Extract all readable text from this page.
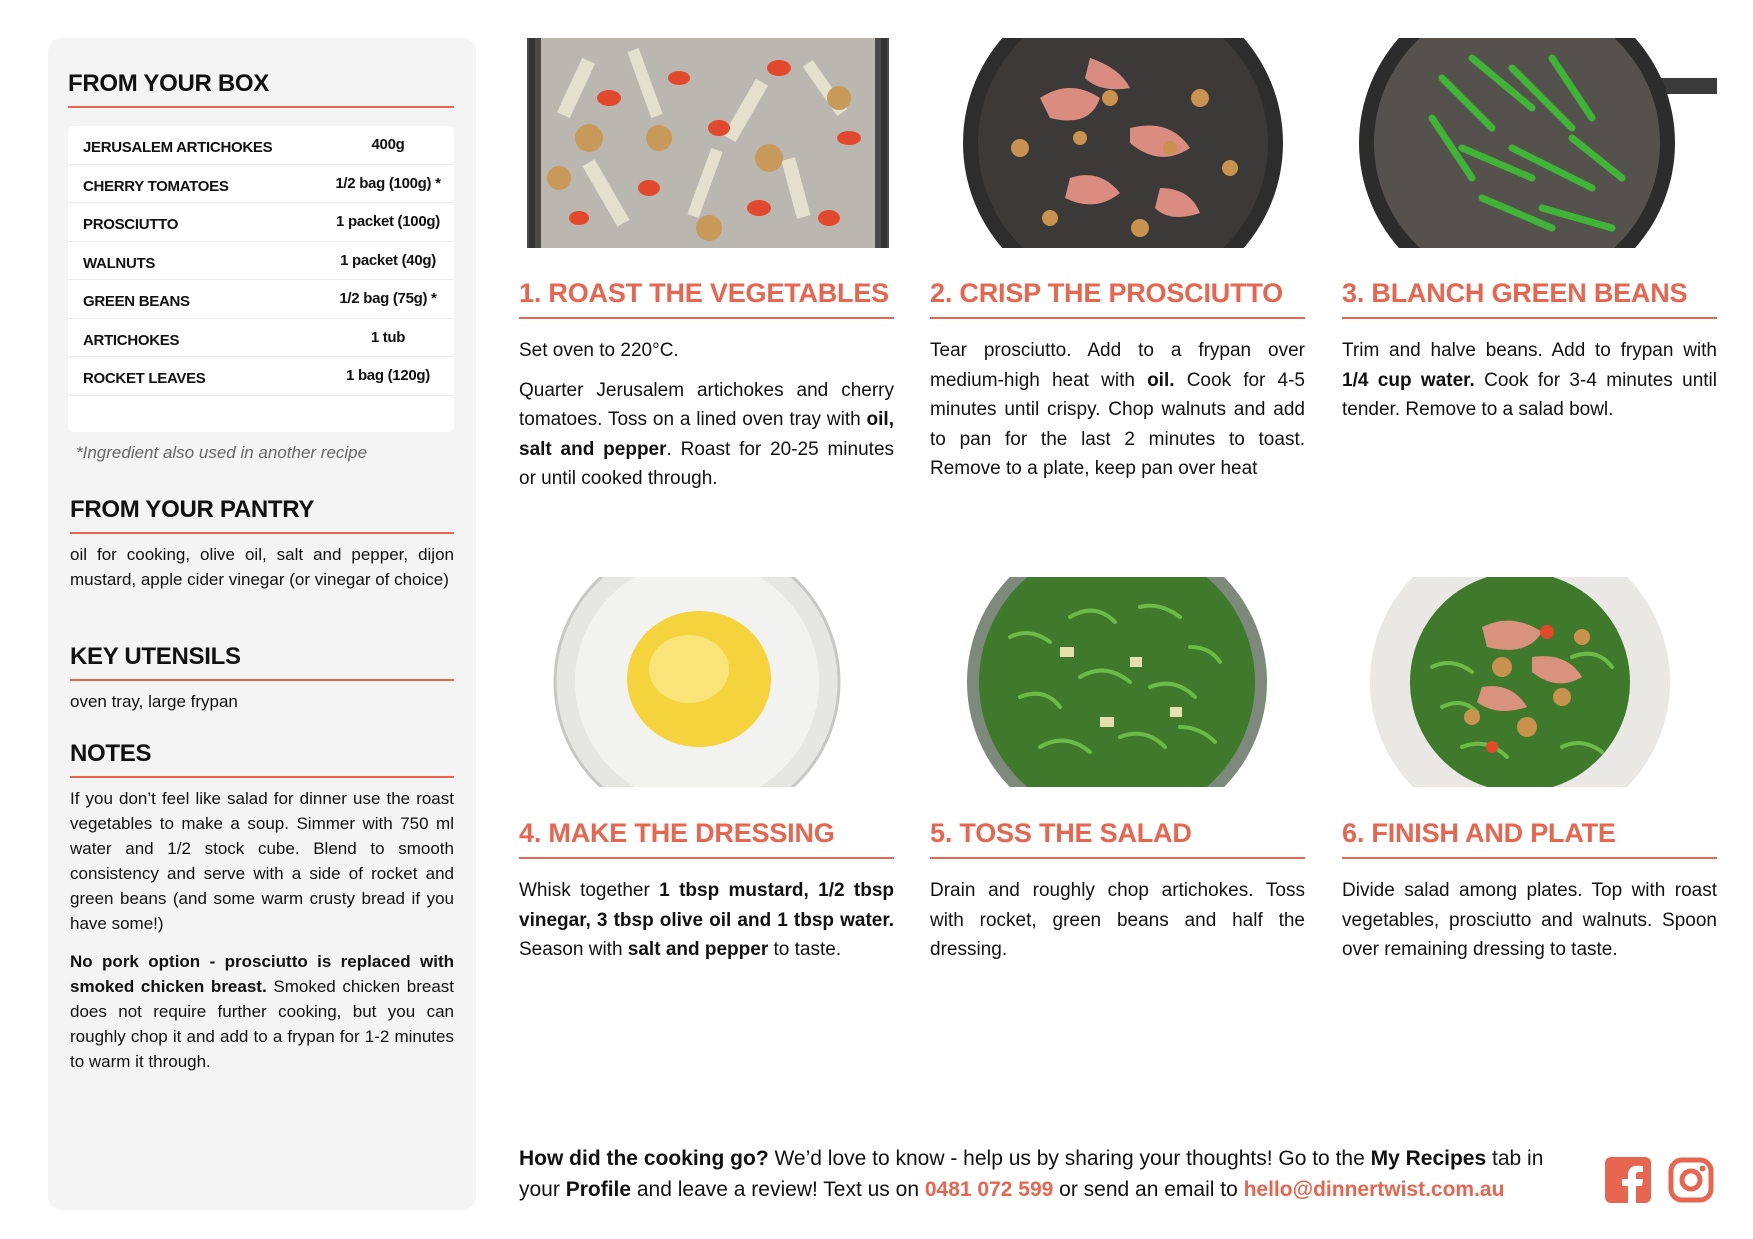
FROM YOUR BOX
JERUSALEM ARTICHOKES	400g
CHERRY TOMATOES	1/2 bag (100g) *
PROSCIUTTO	1 packet (100g)
WALNUTS	1 packet (40g)
GREEN BEANS	1/2 bag (75g) *
ARTICHOKES	1 tub
ROCKET LEAVES	1 bag (120g)
*Ingredient also used in another recipe
FROM YOUR PANTRY
oil for cooking, olive oil, salt and pepper, dijon mustard, apple cider vinegar (or vinegar of choice)
KEY UTENSILS
oven tray, large frypan
NOTES
If you don’t feel like salad for dinner use the roast vegetables to make a soup. Simmer with 750 ml water and 1/2 stock cube. Blend to smooth consistency and serve with a side of rocket and green beans (and some warm crusty bread if you have some!)
No pork option - prosciutto is replaced with smoked chicken breast. Smoked chicken breast does not require further cooking, but you can roughly chop it and add to a frypan for 1-2 minutes to warm it through.
1. ROAST THE VEGETABLES

Set oven to 220°C.

Quarter Jerusalem artichokes and cherry tomatoes. Toss on a lined oven tray with oil, salt and pepper. Roast for 20-25 minutes or until cooked through.

2. CRISP THE PROSCIUTTO

Tear prosciutto. Add to a frypan over medium-high heat with oil. Cook for 4-5 minutes until crispy. Chop walnuts and add to pan for the last 2 minutes to toast. Remove to a plate, keep pan over heat

3. BLANCH GREEN BEANS

Trim and halve beans. Add to frypan with 1/4 cup water. Cook for 3-4 minutes until tender. Remove to a salad bowl.

4. MAKE THE DRESSING

Whisk together 1 tbsp mustard, 1/2 tbsp vinegar, 3 tbsp olive oil and 1 tbsp water. Season with salt and pepper to taste.

5. TOSS THE SALAD

Drain and roughly chop artichokes. Toss with rocket, green beans and half the dressing.

6. FINISH AND PLATE

Divide salad among plates. Top with roast vegetables, prosciutto and walnuts. Spoon over remaining dressing to taste.

How did the cooking go? We’d love to know - help us by sharing your thoughts! Go to the My Recipes tab in your Profile and leave a review! Text us on 0481 072 599 or send an email to hello@dinnertwist.com.au
